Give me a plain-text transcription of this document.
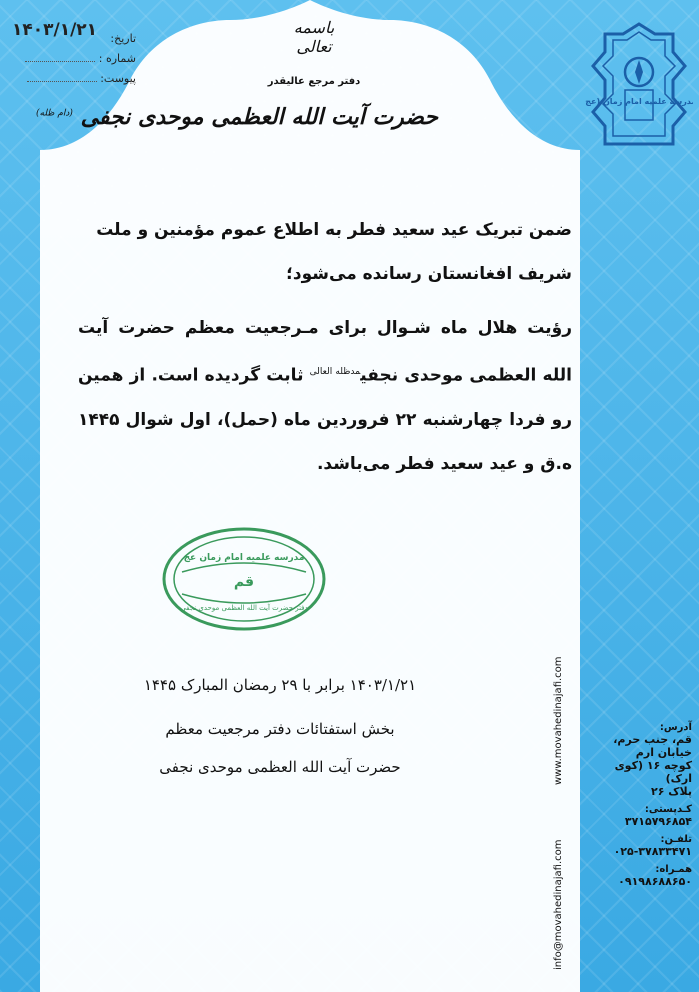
۱۴۰۳/۱/۲۱	تاریخ:
شماره :
پیوست:
باسمه تعالی
دفتر مرجع عالیقدر
حضرت آیت الله العظمی موحدی نجفی $^{(دام ظله)}$
مدرسه علمیه امام زمان (عج)
ضمن تبریک عید سعید فطر به اطلاع عموم مؤمنین و ملت شریف افغانستان رسانده می‌شود؛
رؤیت هلال ماه شـوال برای مـرجعیت معظم حضرت آیت الله العظمی موحدی نجفی$^{مدظله العالی}$ ثابت گردیده است. از همین رو فردا چهارشنبه ۲۲ فروردین ماه (حمل)، اول شوال ۱۴۴۵ ه.ق و عید سعید فطر می‌باشد.
مدرسه علمیه امام زمان عج
قم
دفتر حضرت آیت الله العظمی موحدی نجفی
۱۴۰۳/۱/۲۱ برابر با ۲۹ رمضان المبارک ۱۴۴۵
بخش استفتائات دفتر مرجعیت معظم
حضرت آیت الله العظمی موحدی نجفی	www.movahedinajafi.com
info@movahedinajafi.com
آدرس:
قم، جنب حرم، خیابان ارم
کوچه ۱۶ (کوی ارک)
پلاک ۲۶
کـدپستی:
۳۷۱۵۷۹۶۸۵۴
تلفـن:
۰۲۵-۳۷۸۳۳۴۷۱
همـراه:
۰۹۱۹۸۶۸۸۶۵۰
